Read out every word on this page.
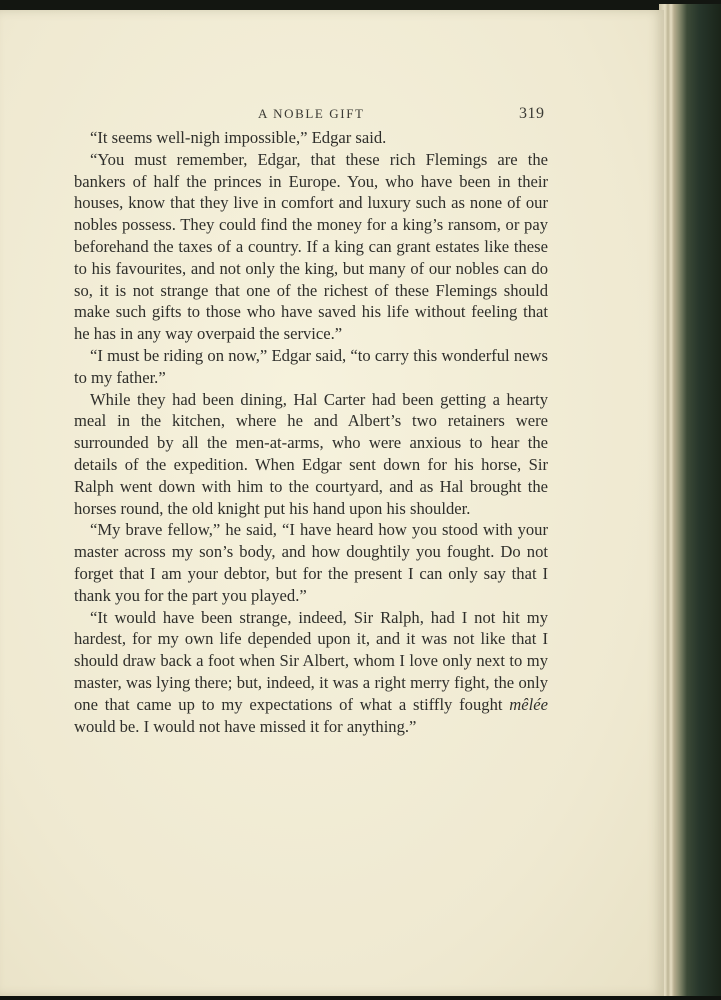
A NOBLE GIFT	319

“It seems well-nigh impossible,” Edgar said.

“You must remember, Edgar, that these rich Flemings are the bankers of half the princes in Europe. You, who have been in their houses, know that they live in comfort and luxury such as none of our nobles possess. They could find the money for a king’s ransom, or pay beforehand the taxes of a country. If a king can grant estates like these to his favourites, and not only the king, but many of our nobles can do so, it is not strange that one of the richest of these Flemings should make such gifts to those who have saved his life without feeling that he has in any way overpaid the service.”

“I must be riding on now,” Edgar said, “to carry this wonderful news to my father.”

While they had been dining, Hal Carter had been getting a hearty meal in the kitchen, where he and Albert’s two retainers were surrounded by all the men-at-arms, who were anxious to hear the details of the expedition. When Edgar sent down for his horse, Sir Ralph went down with him to the courtyard, and as Hal brought the horses round, the old knight put his hand upon his shoulder.

“My brave fellow,” he said, “I have heard how you stood with your master across my son’s body, and how doughtily you fought. Do not forget that I am your debtor, but for the present I can only say that I thank you for the part you played.”

“It would have been strange, indeed, Sir Ralph, had I not hit my hardest, for my own life depended upon it, and it was not like that I should draw back a foot when Sir Albert, whom I love only next to my master, was lying there; but, indeed, it was a right merry fight, the only one that came up to my expectations of what a stiffly fought mêlée would be. I would not have missed it for anything.”
